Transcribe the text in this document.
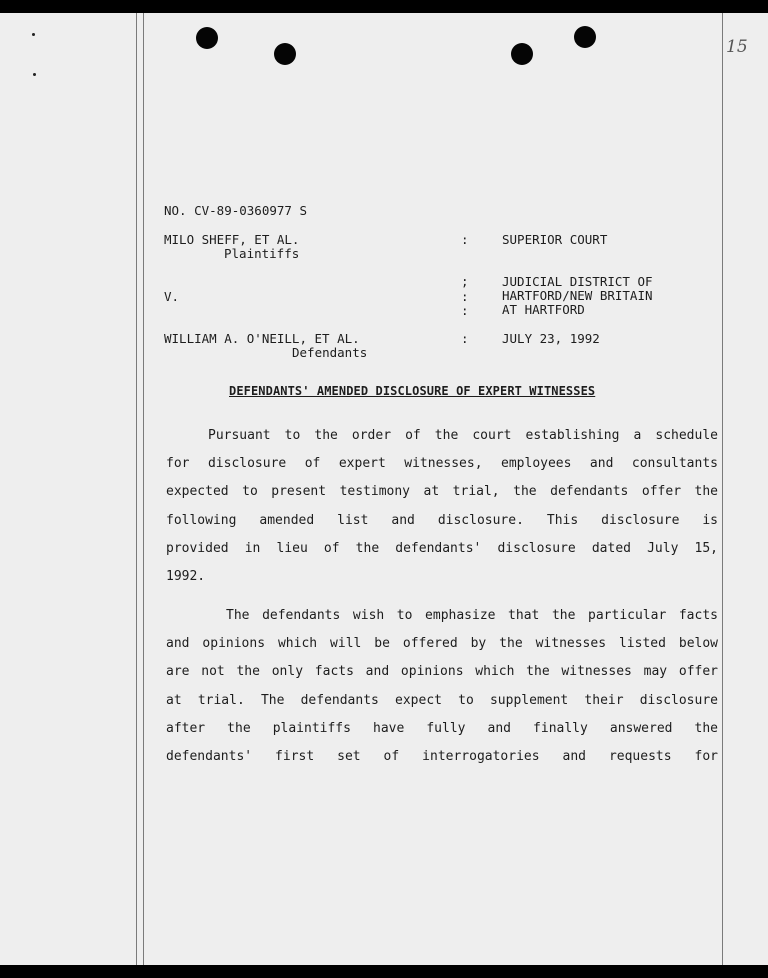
15
NO. CV-89-0360977 S
MILO SHEFF, ET AL.
Plaintiffs
V.
WILLIAM A. O'NEILL, ET AL.
Defendants
:
;
:
:
:
SUPERIOR COURT
JUDICIAL DISTRICT OF
HARTFORD/NEW BRITAIN
AT HARTFORD
JULY 23, 1992
DEFENDANTS' AMENDED DISCLOSURE OF EXPERT WITNESSES
Pursuant to the order of the court establishing a schedule
for disclosure of expert witnesses, employees and consultants
expected to present testimony at trial, the defendants offer the
following amended list and disclosure. This disclosure is
provided in lieu of the defendants' disclosure dated July 15,
1992.
The defendants wish to emphasize that the particular facts
and opinions which will be offered by the witnesses listed below
are not the only facts and opinions which the witnesses may offer
at trial. The defendants expect to supplement their disclosure
after the plaintiffs have fully and finally answered the
defendants' first set of interrogatories and requests for
